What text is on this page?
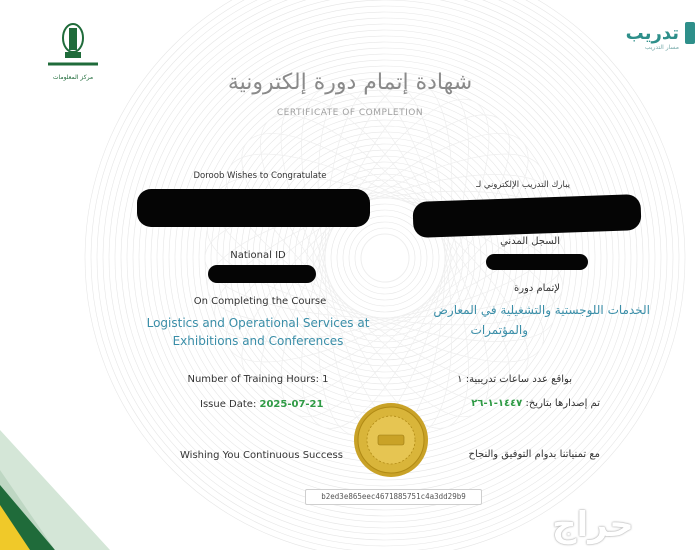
مركز المعلومات
تدريب
مسار التدريب
شهادة إتمام دورة إلكترونية
CERTIFICATE OF COMPLETION
Doroob Wishes to Congratulate
National ID
On Completing the Course
Logistics and Operational Services at
Exhibitions and Conferences
Number of Training Hours: 1
Issue Date: 2025-07-21
Wishing You Continuous Success
يبارك التدريب الإلكتروني لـ
السجل المدني
لإتمام دورة
الخدمات اللوجستية والتشغيلية في المعارض
والمؤتمرات
بواقع عدد ساعات تدريبية: ١
تم إصدارها بتاريخ: ١٤٤٧-١-٢٦
مع تمنياتنا بدوام التوفيق والنجاح
b2ed3e865eec4671885751c4a3dd29b9
حراج
